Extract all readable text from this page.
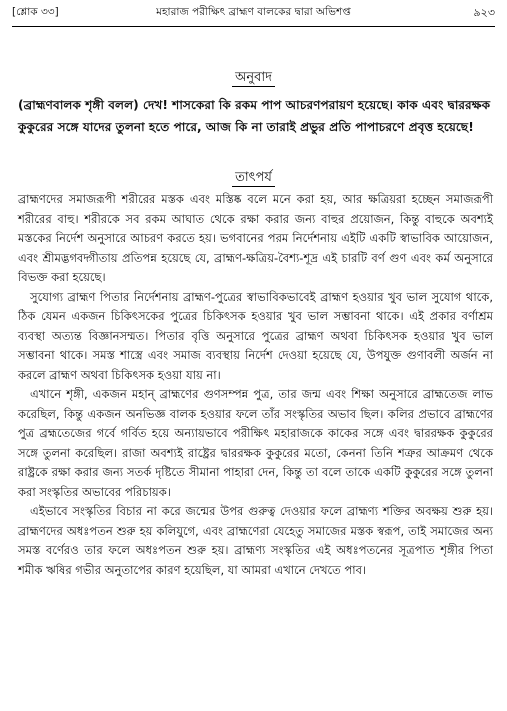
[শ্লোক ৩৩]	মহারাজ পরীক্ষিৎ ব্রাহ্মণ বালকের দ্বারা অভিশপ্ত	৯২৩
অনুবাদ
(ব্রাহ্মণবালক শৃঙ্গী বলল) দেখ! শাসকেরা কি রকম পাপ আচরণপরায়ণ হয়েছে। কাক এবং দ্বাররক্ষক কুকুরের সঙ্গে যাদের তুলনা হতে পারে, আজ কি না তারাই প্রভুর প্রতি পাপাচরণে প্রবৃত্ত হয়েছে!
তাৎপর্য

ব্রাহ্মণদের সমাজরূপী শরীরের মস্তক এবং মস্তিষ্ক বলে মনে করা হয়, আর ক্ষত্রিয়রা হচ্ছেন সমাজরূপী শরীরের বাহু। শরীরকে সব রকম আঘাত থেকে রক্ষা করার জন্য বাহুর প্রয়োজন, কিন্তু বাহুকে অবশ্যই মস্তকের নির্দেশ অনুসারে আচরণ করতে হয়। ভগবানের পরম নির্দেশনায় এইটি একটি স্বাভাবিক আয়োজন, এবং শ্রীমদ্ভগবদ্গীতায় প্রতিপন্ন হয়েছে যে, ব্রাহ্মণ-ক্ষত্রিয়-বৈশ্য-শূদ্র এই চারটি বর্ণ গুণ এবং কর্ম অনুসারে বিভক্ত করা হয়েছে।

সুযোগ্য ব্রাহ্মণ পিতার নির্দেশনায় ব্রাহ্মণ-পুত্রের স্বাভাবিকভাবেই ব্রাহ্মণ হওয়ার খুব ভাল সুযোগ থাকে, ঠিক যেমন একজন চিকিৎসকের পুত্রের চিকিৎসক হওয়ার খুব ভাল সম্ভাবনা থাকে। এই প্রকার বর্ণাশ্রম ব্যবস্থা অত্যন্ত বিজ্ঞানসম্মত। পিতার বৃত্তি অনুসারে পুত্রের ব্রাহ্মণ অথবা চিকিৎসক হওয়ার খুব ভাল সম্ভাবনা থাকে। সমস্ত শাস্ত্রে এবং সমাজ ব্যবস্থায় নির্দেশ দেওয়া হয়েছে যে, উপযুক্ত গুণাবলী অর্জন না করলে ব্রাহ্মণ অথবা চিকিৎসক হওয়া যায় না।

এখানে শৃঙ্গী, একজন মহান্ ব্রাহ্মণের গুণসম্পন্ন পুত্র, তার জন্ম এবং শিক্ষা অনুসারে ব্রাহ্মতেজ লাভ করেছিল, কিন্তু একজন অনভিজ্ঞ বালক হওয়ার ফলে তাঁর সংস্কৃতির অভাব ছিল। কলির প্রভাবে ব্রাহ্মণের পুত্র ব্রহ্মতেজের গর্বে গর্বিত হয়ে অন্যায়ভাবে পরীক্ষিৎ মহারাজকে কাকের সঙ্গে এবং দ্বাররক্ষক কুকুরের সঙ্গে তুলনা করেছিল। রাজা অবশ্যই রাষ্ট্রের দ্বাররক্ষক কুকুরের মতো, কেননা তিনি শত্রুর আক্রমণ থেকে রাষ্ট্রকে রক্ষা করার জন্য সতর্ক দৃষ্টিতে সীমানা পাহারা দেন, কিন্তু তা বলে তাকে একটি কুকুরের সঙ্গে তুলনা করা সংস্কৃতির অভাবের পরিচায়ক।

এইভাবে সংস্কৃতির বিচার না করে জন্মের উপর গুরুত্ব দেওয়ার ফলে ব্রাহ্মণ্য শক্তির অবক্ষয় শুরু হয়। ব্রাহ্মণদের অধঃপতন শুরু হয় কলিযুগে, এবং ব্রাহ্মণেরা যেহেতু সমাজের মস্তক স্বরূপ, তাই সমাজের অন্য সমস্ত বর্ণেরও তার ফলে অধঃপতন শুরু হয়। ব্রাহ্মণ্য সংস্কৃতির এই অধঃপতনের সূত্রপাত শৃঙ্গীর পিতা শমীক ঋষির গভীর অনুতাপের কারণ হয়েছিল, যা আমরা এখানে দেখতে পাব।
